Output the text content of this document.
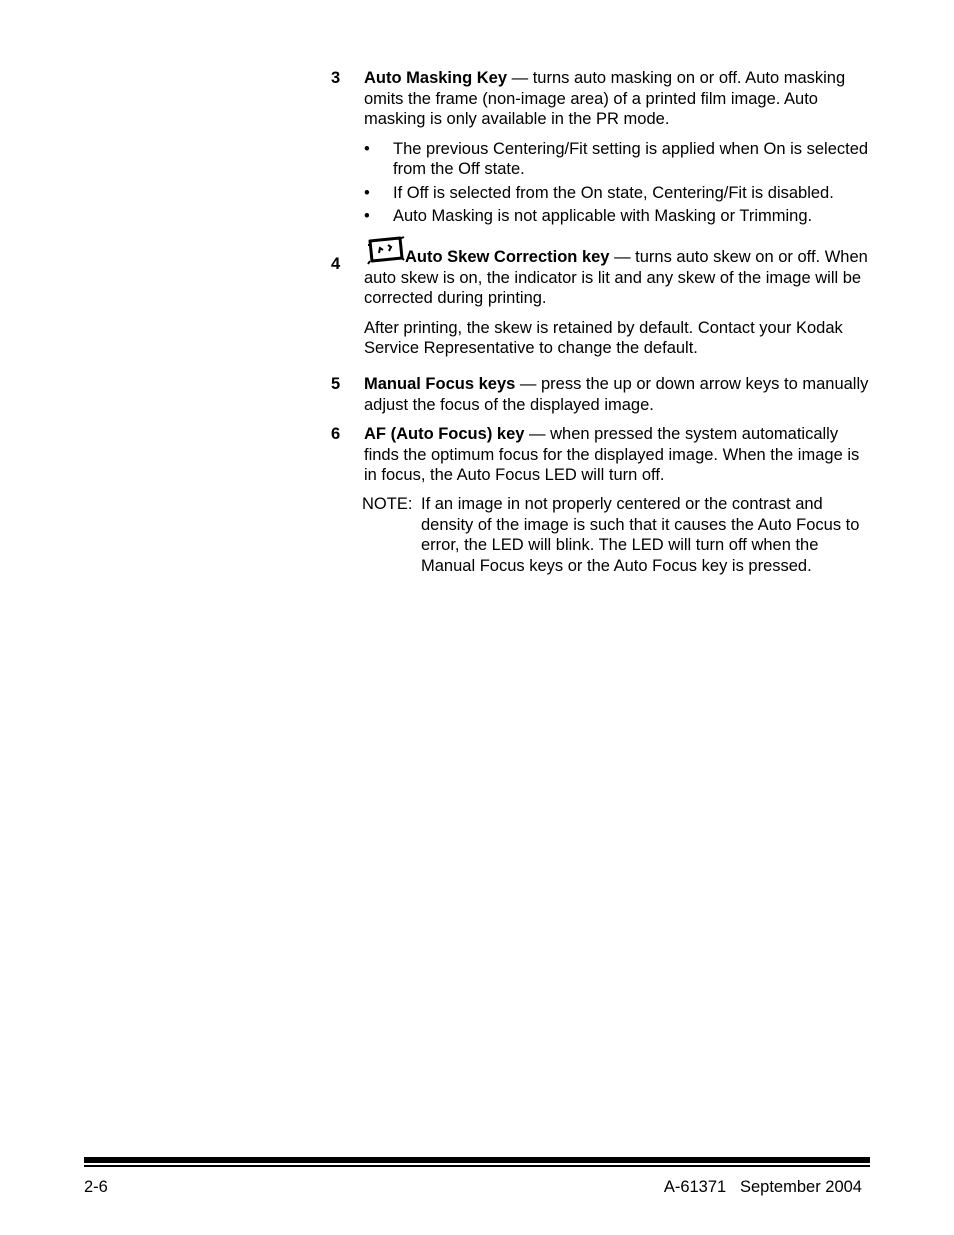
3 Auto Masking Key — turns auto masking on or off. Auto masking omits the frame (non-image area) of a printed film image. Auto masking is only available in the PR mode.
• The previous Centering/Fit setting is applied when On is selected from the Off state.
• If Off is selected from the On state, Centering/Fit is disabled.
• Auto Masking is not applicable with Masking or Trimming.
4	Auto Skew Correction key — turns auto skew on or off. When auto skew is on, the indicator is lit and any skew of the image will be corrected during printing.
After printing, the skew is retained by default. Contact your Kodak Service Representative to change the default.
5 Manual Focus keys — press the up or down arrow keys to manually adjust the focus of the displayed image.
6 AF (Auto Focus) key — when pressed the system automatically finds the optimum focus for the displayed image. When the image is in focus, the Auto Focus LED will turn off.
NOTE: If an image in not properly centered or the contrast and density of the image is such that it causes the Auto Focus to error, the LED will blink. The LED will turn off when the Manual Focus keys or the Auto Focus key is pressed.
2-6	A-61371 September 2004
